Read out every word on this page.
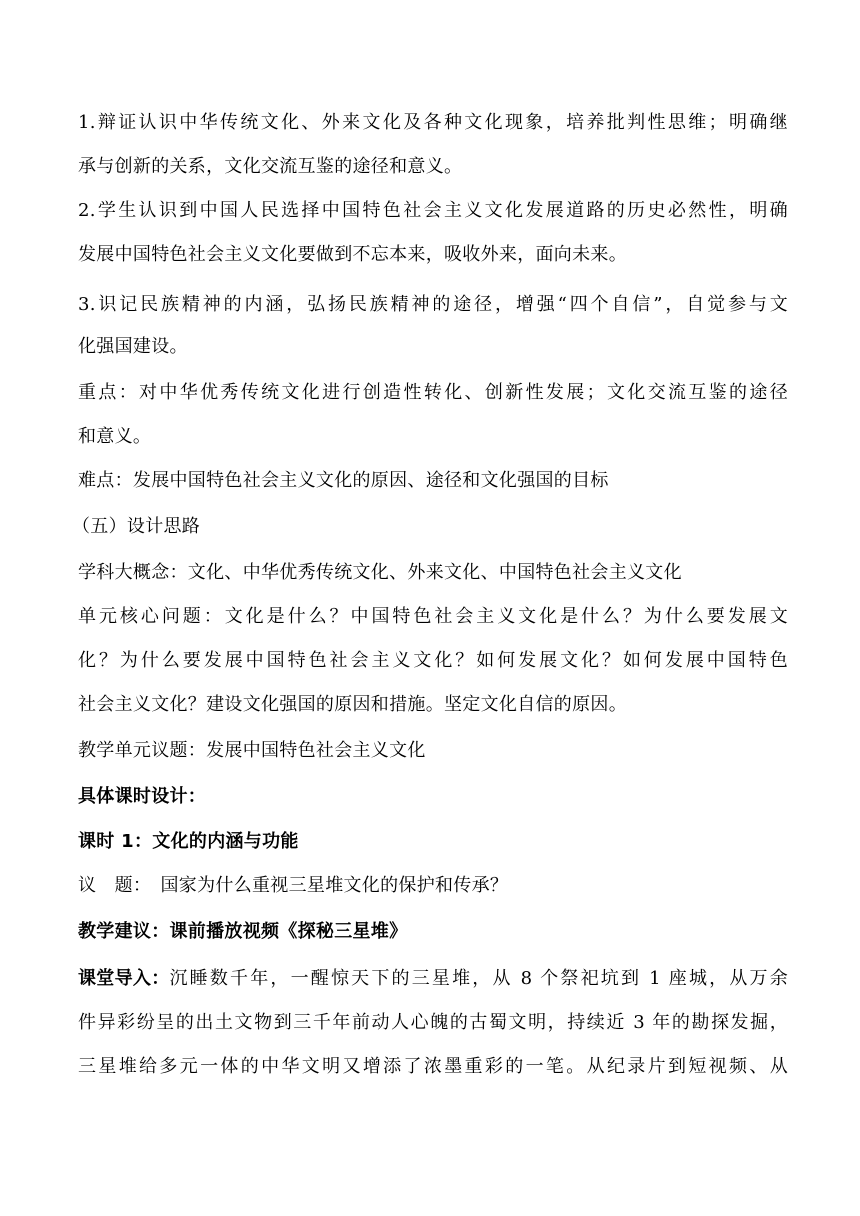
1.辩证认识中华传统文化、外来文化及各种文化现象，培养批判性思维；明确继
承与创新的关系，文化交流互鉴的途径和意义。
2.学生认识到中国人民选择中国特色社会主义文化发展道路的历史必然性，明确
发展中国特色社会主义文化要做到不忘本来，吸收外来，面向未来。
3.识记民族精神的内涵，弘扬民族精神的途径，增强“四个自信”，自觉参与文
化强国建设。
重点：对中华优秀传统文化进行创造性转化、创新性发展；文化交流互鉴的途径
和意义。
难点：发展中国特色社会主义文化的原因、途径和文化强国的目标
（五）设计思路
学科大概念：文化、中华优秀传统文化、外来文化、中国特色社会主义文化
单元核心问题：文化是什么？中国特色社会主义文化是什么？为什么要发展文
化？为什么要发展中国特色社会主义文化？如何发展文化？如何发展中国特色
社会主义文化？建设文化强国的原因和措施。坚定文化自信的原因。
教学单元议题：发展中国特色社会主义文化
具体课时设计：
课时 1：文化的内涵与功能
议　题：　国家为什么重视三星堆文化的保护和传承？
教学建议：课前播放视频《探秘三星堆》
课堂导入： 沉睡数千年，一醒惊天下的三星堆，从 8 个祭祀坑到 1 座城，从万余
件异彩纷呈的出土文物到三千年前动人心魄的古蜀文明，持续近 3 年的勘探发掘，
三星堆给多元一体的中华文明又增添了浓墨重彩的一笔。从纪录片到短视频、从
